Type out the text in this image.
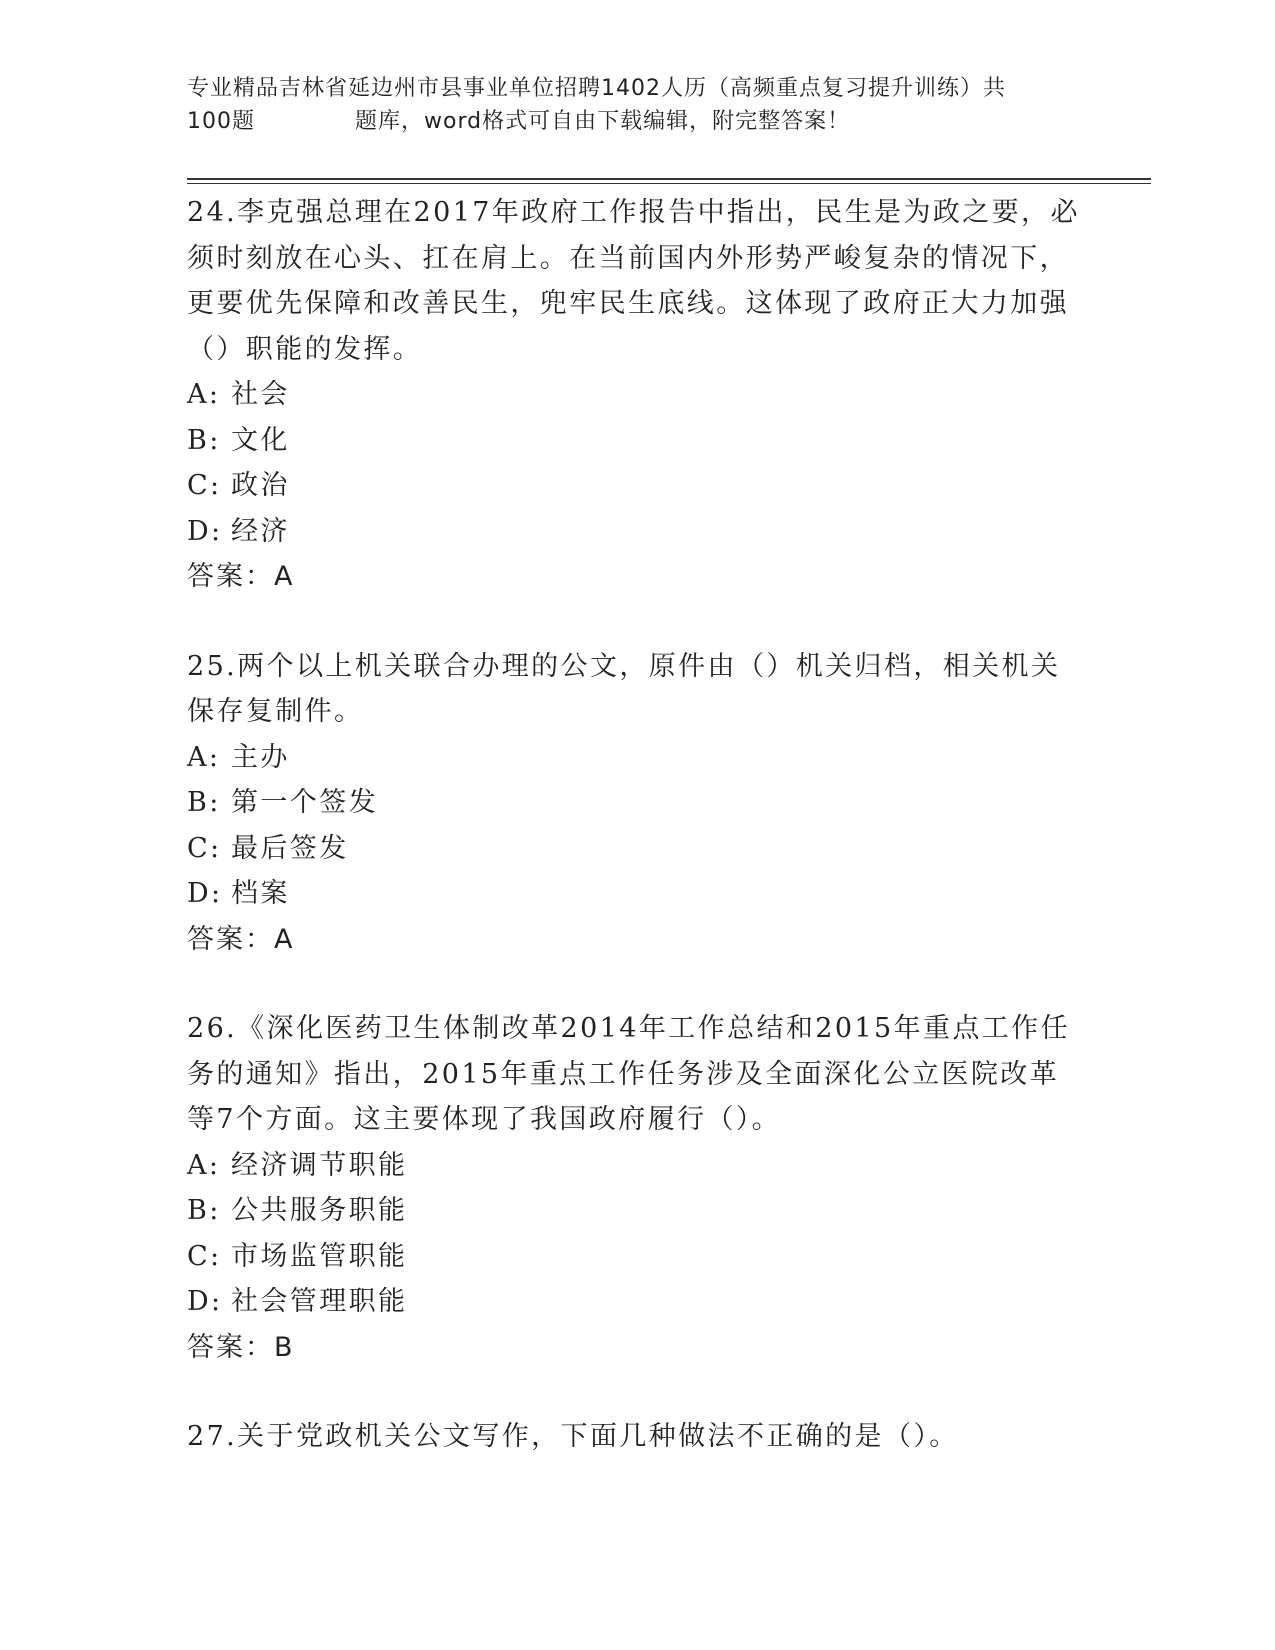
专业精品吉林省延边州市县事业单位招聘1402人历（高频重点复习提升训练）共
100题	题库，word格式可自由下载编辑，附完整答案！

24.李克强总理在2017年政府工作报告中指出，民生是为政之要，必须时刻放在心头、扛在肩上。在当前国内外形势严峻复杂的情况下，更要优先保障和改善民生，兜牢民生底线。这体现了政府正大力加强（）职能的发挥。

A: 社会
B: 文化
C: 政治
D: 经济
答案：A

25.两个以上机关联合办理的公文，原件由（）机关归档，相关机关保存复制件。

A: 主办
B: 第一个签发
C: 最后签发
D: 档案
答案：A

26.《深化医药卫生体制改革2014年工作总结和2015年重点工作任务的通知》指出，2015年重点工作任务涉及全面深化公立医院改革等7个方面。这主要体现了我国政府履行（）。

A: 经济调节职能
B: 公共服务职能
C: 市场监管职能
D: 社会管理职能
答案：B

27.关于党政机关公文写作，下面几种做法不正确的是（）。
